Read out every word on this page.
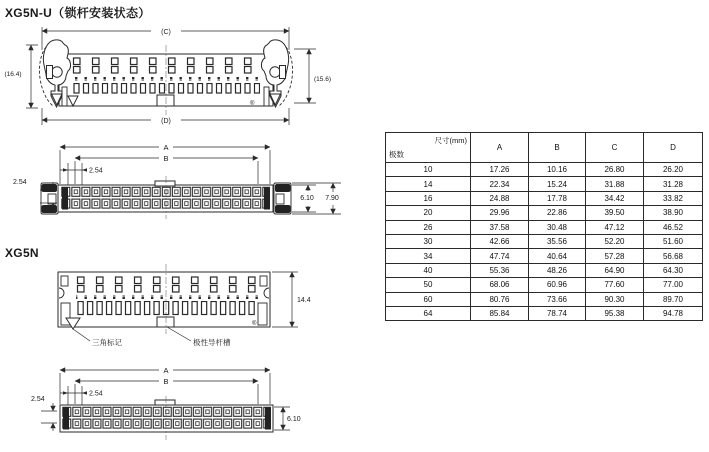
XG5N-U（锁杆安装状态）
XG5N
(C)
®
(D)
(16.4)
(15.6)
A
B
2.54
2.54
6.10 7.90
®
14.4
三角标记	极性导杆槽
A
B
2.54
2.54
6.10
尺寸(mm)
极数	A	B	C	D
10	17.26	10.16	26.80	26.20
14	22.34	15.24	31.88	31.28
16	24.88	17.78	34.42	33.82
20	29.96	22.86	39.50	38.90
26	37.58	30.48	47.12	46.52
30	42.66	35.56	52.20	51.60
34	47.74	40.64	57.28	56.68
40	55.36	48.26	64.90	64.30
50	68.06	60.96	77.60	77.00
60	80.76	73.66	90.30	89.70
64	85.84	78.74	95.38	94.78
